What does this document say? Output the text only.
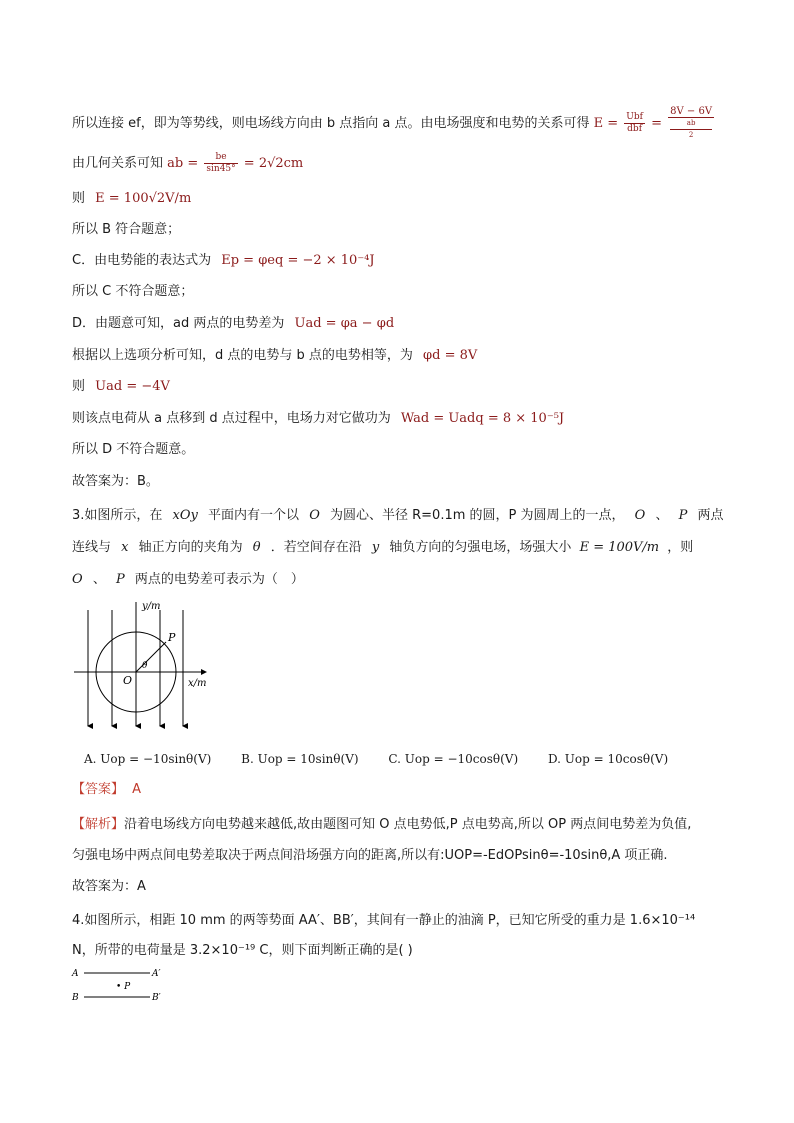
所以连接 ef，即为等势线，则电场线方向由 b 点指向 a 点。由电场强度和电势的关系可得 $E = \frac{\text{Ubf}}{\text{dbf}} = 8V - 6V$
ab
2
由几何关系可知 ab = $\frac{be}{\sin 45^\circ} = 2√2cm$
则 E = 100√2V/m
所以 B 符合题意；
C．由电势能的表达式为 Ep = φeq = −2 × 10⁻⁴J
所以 C 不符合题意；
D．由题意可知，ad 两点的电势差为 Uad = φa − φd
根据以上选项分析可知，d 点的电势与 b 点的电势相等，为 φd = 8V
则 Uad = −4V
则该点电荷从 a 点移到 d 点过程中，电场力对它做功为 Wad = Uadq = 8 × 10⁻⁵J
所以 D 不符合题意。
故答案为：B。
3.如图所示，在 xOy 平面内有一个以 O 为圆心、半径 R=0.1m 的圆，P 为圆周上的一点， O 、 P 两点
连线与 x 轴正方向的夹角为 θ ．若空间存在沿 y 轴负方向的匀强电场，场强大小 E = 100V/m ，则
O 、 P 两点的电势差可表示为（　）
y/m
x/m
O
P
θ
A. Uop = −10sinθ(V) B. Uop = 10sinθ(V) C. Uop = −10cosθ(V) D. Uop = 10cosθ(V)
【答案】 A
【解析】沿着电场线方向电势越来越低,故由题图可知 O 点电势低,P 点电势高,所以 OP 两点间电势差为负值,
匀强电场中两点间电势差取决于两点间沿场强方向的距离,所以有:UOP=-EdOPsinθ=-10sinθ,A 项正确.
故答案为：A
4.如图所示，相距 10 mm 的两等势面 AA′、BB′，其间有一静止的油滴 P，已知它所受的重力是 1.6×10⁻¹⁴
N，所带的电荷量是 3.2×10⁻¹⁹ C，则下面判断正确的是( )
A	A′
B	B′
• P
